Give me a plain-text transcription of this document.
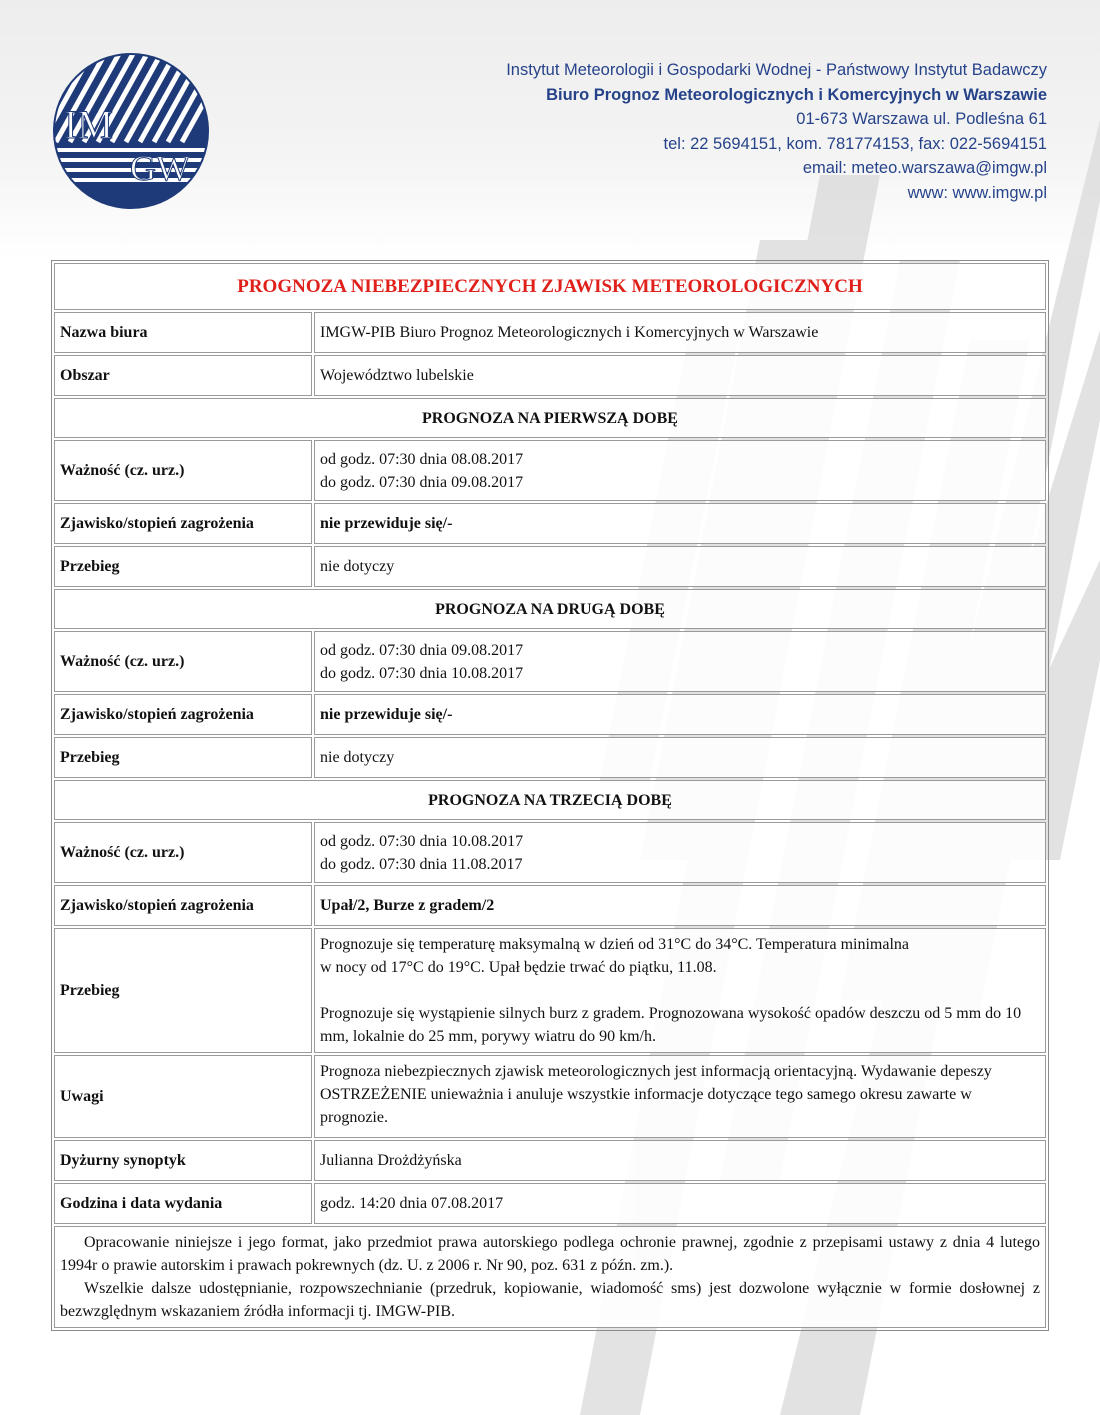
IM
GW
Instytut Meteorologii i Gospodarki Wodnej - Państwowy Instytut Badawczy
Biuro Prognoz Meteorologicznych i Komercyjnych w Warszawie
01-673 Warszawa ul. Podleśna 61
tel: 22 5694151, kom. 781774153, fax: 022-5694151
email: meteo.warszawa@imgw.pl
www: www.imgw.pl
PROGNOZA NIEBEZPIECZNYCH ZJAWISK METEOROLOGICZNYCH	
Nazwa biura	IMGW-PIB Biuro Prognoz Meteorologicznych i Komercyjnych w Warszawie
Obszar	Województwo lubelskie
PROGNOZA NA PIERWSZĄ DOBĘ	
Ważność (cz. urz.)	od godz. 07:30 dnia 08.08.2017
do godz. 07:30 dnia 09.08.2017

Zjawisko/stopień zagrożenia	nie przewiduje się/-
Przebieg	nie dotyczy
PROGNOZA NA DRUGĄ DOBĘ	
Ważność (cz. urz.)	od godz. 07:30 dnia 09.08.2017
do godz. 07:30 dnia 10.08.2017

Zjawisko/stopień zagrożenia	nie przewiduje się/-
Przebieg	nie dotyczy
PROGNOZA NA TRZECIĄ DOBĘ	
Ważność (cz. urz.)	od godz. 07:30 dnia 10.08.2017
do godz. 07:30 dnia 11.08.2017

Zjawisko/stopień zagrożenia	Upał/2, Burze z gradem/2
Przebieg	Prognozuje się temperaturę maksymalną w dzień od 31°C do 34°C. Temperatura minimalna
w nocy od 17°C do 19°C. Upał będzie trwać do piątku, 11.08.
Prognozuje się wystąpienie silnych burz z gradem. Prognozowana wysokość opadów deszczu od 5 mm do 10 mm, lokalnie do 25 mm, porywy wiatru do 90 km/h.

Uwagi	Prognoza niebezpiecznych zjawisk meteorologicznych jest informacją orientacyjną. Wydawanie depeszy OSTRZEŻENIE unieważnia i anuluje wszystkie informacje dotyczące tego samego okresu zawarte w prognozie.
Dyżurny synoptyk	Julianna Drożdżyńska
Godzina i data wydania	godz. 14:20 dnia 07.08.2017

Opracowanie niniejsze i jego format, jako przedmiot prawa autorskiego podlega ochronie prawnej, zgodnie z przepisami ustawy z dnia 4 lutego 1994r o prawie autorskim i prawach pokrewnych (dz. U. z 2006 r. Nr 90, poz. 631 z późn. zm.).
Wszelkie dalsze udostępnianie, rozpowszechnianie (przedruk, kopiowanie, wiadomość sms) jest dozwolone wyłącznie w formie dosłownej z bezwzględnym wskazaniem źródła informacji tj. IMGW-PIB.	
